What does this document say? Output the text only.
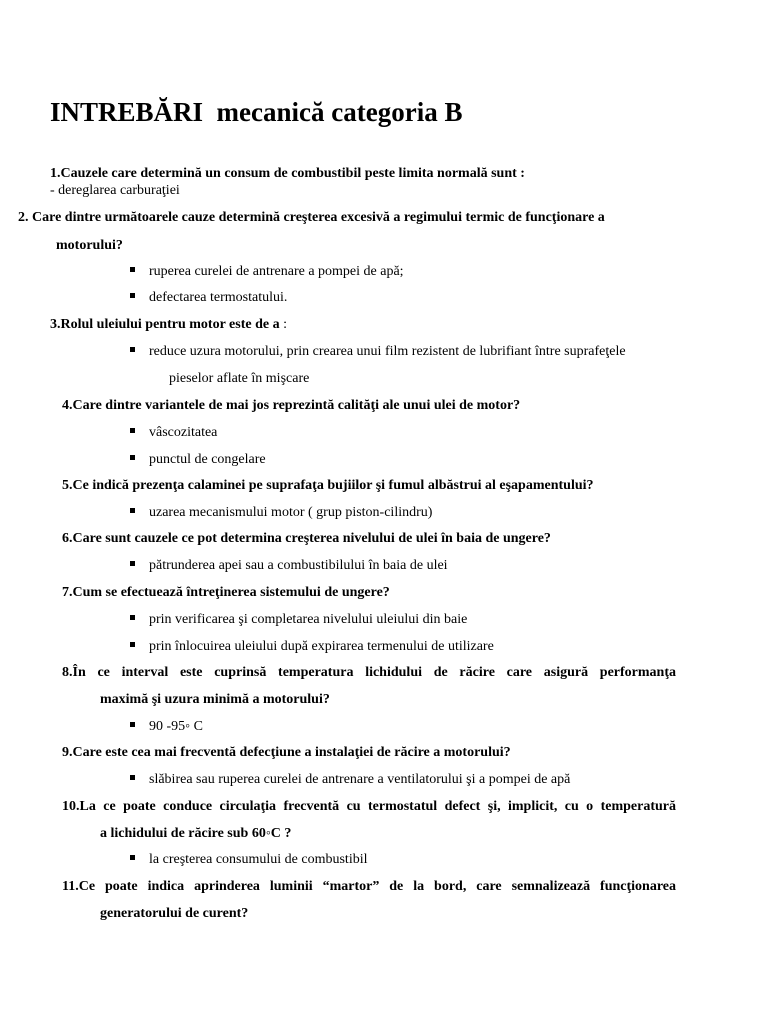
INTREBĂRI  mecanică categoria B
1.Cauzele care determină un consum de combustibil peste limita normală sunt :
- dereglarea carburaţiei
2. Care dintre următoarele cauze determină creşterea excesivă a regimului termic de funcţionare a
motorului?
ruperea curelei de antrenare a pompei de apă;
defectarea termostatului.
3.Rolul uleiului pentru motor este de a :
reduce uzura motorului, prin crearea unui film rezistent de lubrifiant între suprafeţele
pieselor aflate în mişcare
4.Care dintre variantele de mai jos reprezintă calităţi ale unui ulei de motor?
vâscozitatea
punctul de congelare
5.Ce indică prezenţa calaminei pe suprafaţa bujiilor şi fumul albăstrui al eşapamentului?
uzarea mecanismului motor ( grup piston-cilindru)
6.Care sunt cauzele ce pot determina creşterea nivelului de ulei în baia de ungere?
pătrunderea apei sau a combustibilului în baia de ulei
7.Cum se efectuează întreţinerea sistemului de ungere?
prin verificarea şi completarea nivelului uleiului din baie
prin înlocuirea uleiului după expirarea termenului de utilizare
8.În ce interval este cuprinsă temperatura lichidului de răcire care asigură performanţa
maximă şi uzura minimă a motorului?
90 -95◦ C
9.Care este cea mai frecventă defecţiune a instalaţiei de răcire a motorului?
slăbirea sau ruperea curelei de antrenare a ventilatorului şi a pompei de apă
10.La ce poate conduce circulaţia frecventă cu termostatul defect şi, implicit, cu o temperatură
a lichidului de răcire sub 60◦C ?
la creşterea consumului de combustibil
11.Ce poate indica aprinderea luminii “martor” de la bord, care semnalizează funcţionarea
generatorului de curent?
